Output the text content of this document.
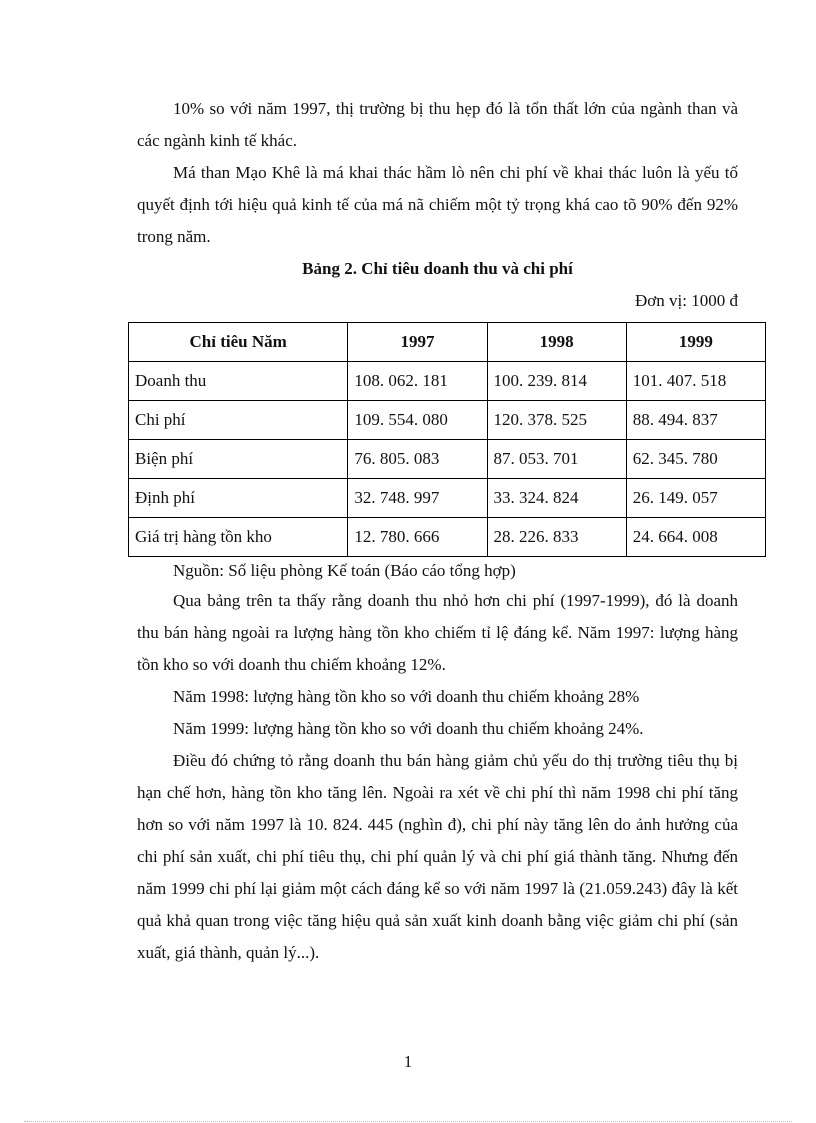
10% so với năm 1997, thị trường bị thu hẹp đó là tổn thất lớn của ngành than và các ngành kinh tế khác.

Má than Mạo Khê là má khai thác hầm lò nên chi phí về khai thác luôn là yếu tố quyết định tới hiệu quả kinh tế của má nã chiếm một tỷ trọng khá cao tõ 90% đến 92% trong năm.

Bảng 2. Chỉ tiêu doanh thu và chi phí

Đơn vị: 1000 đ

Chỉ tiêu Năm	1997	1998	1999
Doanh thu	108. 062. 181	100. 239. 814	101. 407. 518
Chi phí	109. 554. 080	120. 378. 525	88. 494. 837
Biện phí	76. 805. 083	87. 053. 701	62. 345. 780
Định phí	32. 748. 997	33. 324. 824	26. 149. 057
Giá trị hàng tồn kho	12. 780. 666	28. 226. 833	24. 664. 008

Nguồn: Số liệu phòng Kế toán (Báo cáo tổng hợp)

Qua bảng trên ta thấy rằng doanh thu nhỏ hơn chi phí (1997-1999), đó là doanh thu bán hàng ngoài ra lượng hàng tồn kho chiếm tỉ lệ đáng kể. Năm 1997: lượng hàng tồn kho so với doanh thu chiếm khoảng 12%.

Năm 1998: lượng hàng tồn kho so với doanh thu chiếm khoảng 28%

Năm 1999: lượng hàng tồn kho so với doanh thu chiếm khoảng 24%.

Điều đó chứng tỏ rằng doanh thu bán hàng giảm chủ yếu do thị trường tiêu thụ bị hạn chế hơn, hàng tồn kho tăng lên. Ngoài ra xét về chi phí thì năm 1998 chi phí tăng hơn so với năm 1997 là 10. 824. 445 (nghìn đ), chi phí này tăng lên do ảnh hưởng của chi phí sản xuất, chi phí tiêu thụ, chi phí quản lý và chi phí giá thành tăng. Nhưng đến năm 1999 chi phí lại giảm một cách đáng kể so với năm 1997 là (21.059.243) đây là kết quả khả quan trong việc tăng hiệu quả sản xuất kinh doanh bằng việc giảm chi phí (sản xuất, giá thành, quản lý...).

1
